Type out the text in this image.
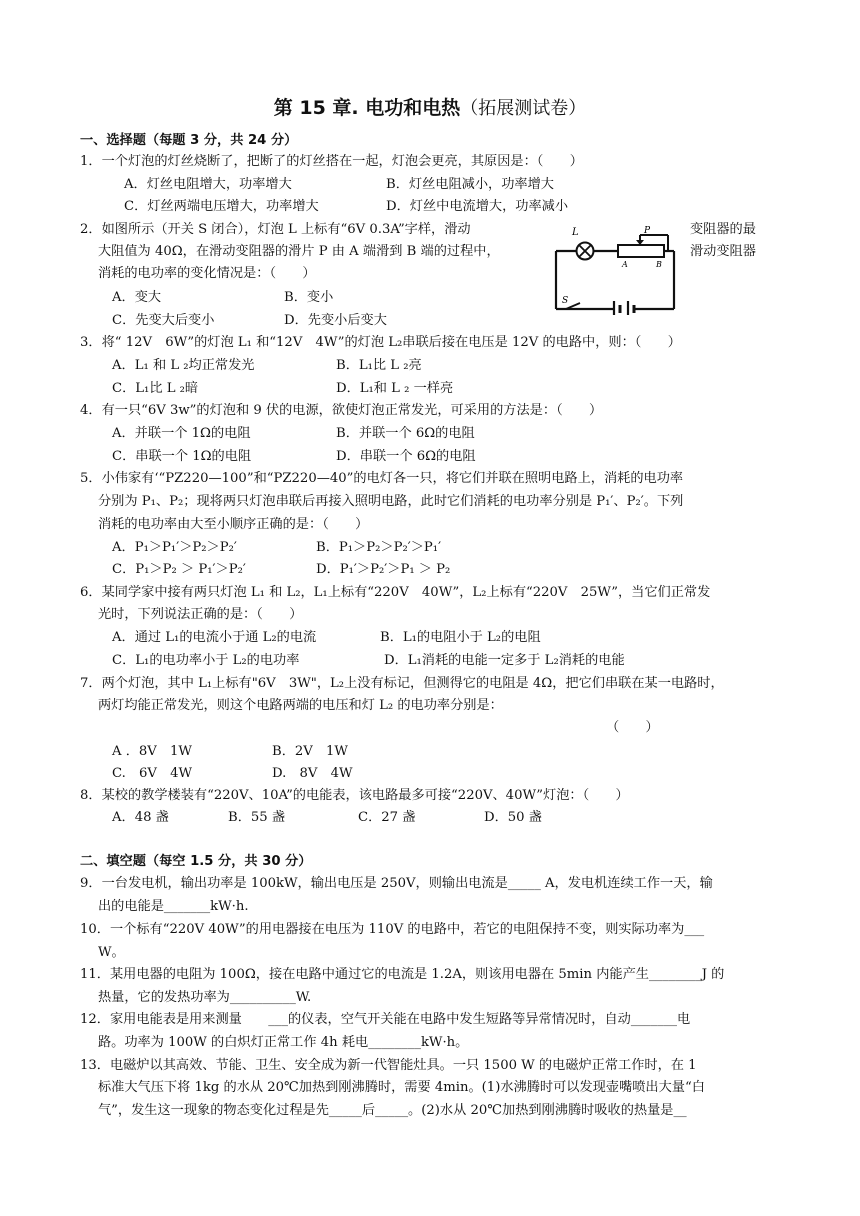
第 15 章. 电功和电热（拓展测试卷）
一、选择题（每题 3 分，共 24 分）
1．一个灯泡的灯丝烧断了，把断了的灯丝搭在一起，灯泡会更亮，其原因是：（　　）
A．灯丝电阻增大，功率增大	B．灯丝电阻减小，功率增大
C．灯丝两端电压增大，功率增大	D．灯丝中电流增大，功率减小
2．如图所示（开关 S 闭合），灯泡 L 上标有“6V 0.3A”字样，滑动	变阻器的最
大阻值为 40Ω，在滑动变阻器的滑片 P 由 A 端滑到 B 端的过程中，	滑动变阻器
消耗的电功率的变化情况是：（　　）
A．变大	B．变小
C．先变大后变小	D．先变小后变大
L	P
A	B
S
3．将“ 12V　6W”的灯泡 L₁ 和“12V　4W”的灯泡 L₂串联后接在电压是 12V 的电路中，则：（　　）
A．L₁ 和 L ₂均正常发光	B．L₁比 L ₂亮
C．L₁比 L ₂暗	D．L₁和 L ₂ 一样亮
4．有一只“6V 3w”的灯泡和 9 伏的电源，欲使灯泡正常发光，可采用的方法是：（　　）
A．并联一个 1Ω的电阻	B．并联一个 6Ω的电阻
C．串联一个 1Ω的电阻	D．串联一个 6Ω的电阻
5．小伟家有‘“PZ220—100”和“PZ220—40”的电灯各一只，将它们并联在照明电路上，消耗的电功率
分别为 P₁、P₂；现将两只灯泡串联后再接入照明电路，此时它们消耗的电功率分别是 P₁′、P₂′。下列
消耗的电功率由大至小顺序正确的是：（　　）
A．P₁＞P₁′＞P₂＞P₂′	B．P₁＞P₂＞P₂′＞P₁′
C．P₁＞P₂ ＞ P₁′＞P₂′	D．P₁′＞P₂′＞P₁ ＞ P₂
6．某同学家中接有两只灯泡 L₁ 和 L₂，L₁上标有“220V　40W”，L₂上标有“220V　25W”，当它们正常发
光时，下列说法正确的是：（　　）
A．通过 L₁的电流小于通 L₂的电流	B．L₁的电阻小于 L₂的电阻
C．L₁的电功率小于 L₂的电功率	D．L₁消耗的电能一定多于 L₂消耗的电能
7．两个灯泡，其中 L₁上标有"6V　3W"，L₂上没有标记，但测得它的电阻是 4Ω，把它们串联在某一电路时，
两灯均能正常发光，则这个电路两端的电压和灯 L₂ 的电功率分别是：
（　　）
A ．8V　1W	B．2V　1W
C.　6V　4W	D.　8V　4W
8．某校的教学楼装有“220V、10A”的电能表，该电路最多可接“220V、40W”灯泡：（　　）
A．48 盏	B．55 盏	C．27 盏	D．50 盏
二、填空题（每空 1.5 分，共 30 分）
9．一台发电机，输出功率是 100kW，输出电压是 250V，则输出电流是_____ A，发电机连续工作一天，输
出的电能是_______kW·h.
10．一个标有“220V 40W”的用电器接在电压为 110V 的电路中，若它的电阻保持不变，则实际功率为___
W。
11．某用电器的电阻为 100Ω，接在电路中通过它的电流是 1.2A，则该用电器在 5min 内能产生________J 的
热量，它的发热功率为__________W.
12．家用电能表是用来测量　　___的仪表，空气开关能在电路中发生短路等异常情况时，自动_______电
路。功率为 100W 的白炽灯正常工作 4h 耗电________kW·h。
13．电磁炉以其高效、节能、卫生、安全成为新一代智能灶具。一只 1500 W 的电磁炉正常工作时，在 1
标准大气压下将 1kg 的水从 20℃加热到刚沸腾时，需要 4min。(1)水沸腾时可以发现壶嘴喷出大量“白
气”，发生这一现象的物态变化过程是先_____后_____。(2)水从 20℃加热到刚沸腾时吸收的热量是__
